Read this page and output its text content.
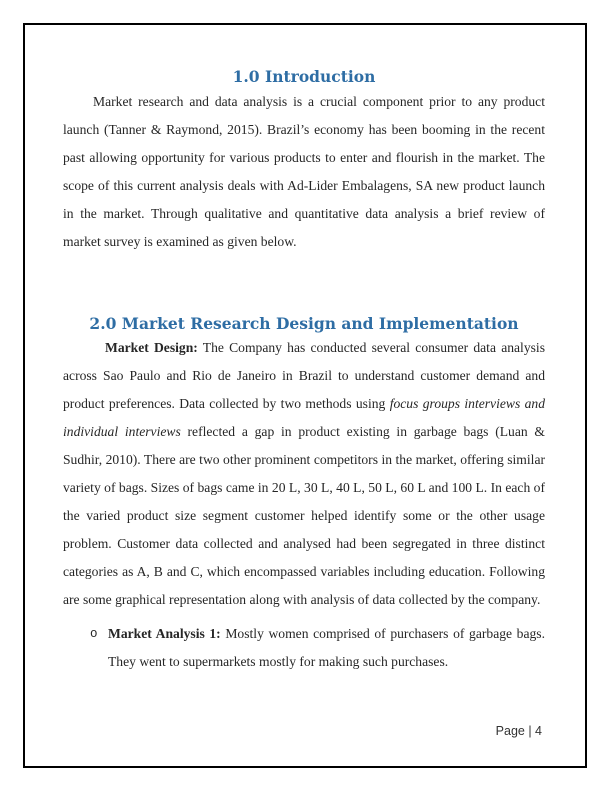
1.0 Introduction

Market research and data analysis is a crucial component prior to any product launch (Tanner & Raymond, 2015). Brazil’s economy has been booming in the recent past allowing opportunity for various products to enter and flourish in the market. The scope of this current analysis deals with Ad-Lider Embalagens, SA new product launch in the market. Through qualitative and quantitative data analysis a brief review of market survey is examined as given below.

2.0 Market Research Design and Implementation

Market Design: The Company has conducted several consumer data analysis across Sao Paulo and Rio de Janeiro in Brazil to understand customer demand and product preferences. Data collected by two methods using focus groups interviews and individual interviews reflected a gap in product existing in garbage bags (Luan & Sudhir, 2010). There are two other prominent competitors in the market, offering similar variety of bags. Sizes of bags came in 20 L, 30 L, 40 L, 50 L, 60 L and 100 L. In each of the varied product size segment customer helped identify some or the other usage problem. Customer data collected and analysed had been segregated in three distinct categories as A, B and C, which encompassed variables including education. Following are some graphical representation along with analysis of data collected by the company.

o Market Analysis 1: Mostly women comprised of purchasers of garbage bags. They went to supermarkets mostly for making such purchases.
Page | 4
